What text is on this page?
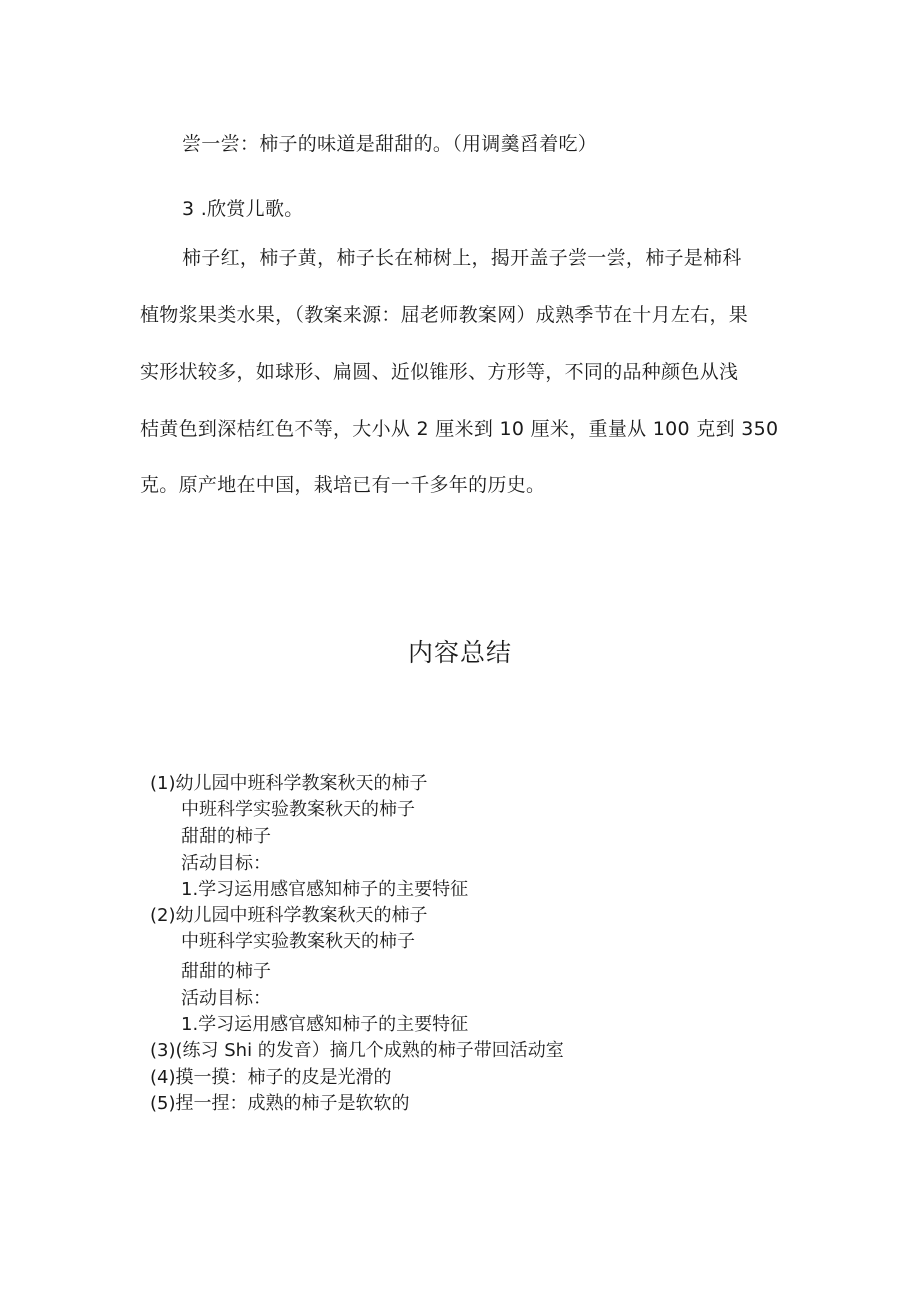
尝一尝：柿子的味道是甜甜的。（用调羹舀着吃）
3 .欣赏儿歌。
柿子红，柿子黄，柿子长在柿树上，揭开盖子尝一尝，柿子是柿科
植物浆果类水果，（教案来源：屈老师教案网）成熟季节在十月左右，果
实形状较多，如球形、扁圆、近似锥形、方形等，不同的品种颜色从浅
桔黄色到深桔红色不等，大小从 2 厘米到 10 厘米，重量从 100 克到 350
克。原产地在中国，栽培已有一千多年的历史。
内容总结
(1)幼儿园中班科学教案秋天的柿子
中班科学实验教案秋天的柿子
甜甜的柿子
活动目标：
1.学习运用感官感知柿子的主要特征
(2)幼儿园中班科学教案秋天的柿子
中班科学实验教案秋天的柿子
甜甜的柿子
活动目标：
1.学习运用感官感知柿子的主要特征
(3)(练习 Shi 的发音）摘几个成熟的柿子带回活动室
(4)摸一摸：柿子的皮是光滑的
(5)捏一捏：成熟的柿子是软软的
